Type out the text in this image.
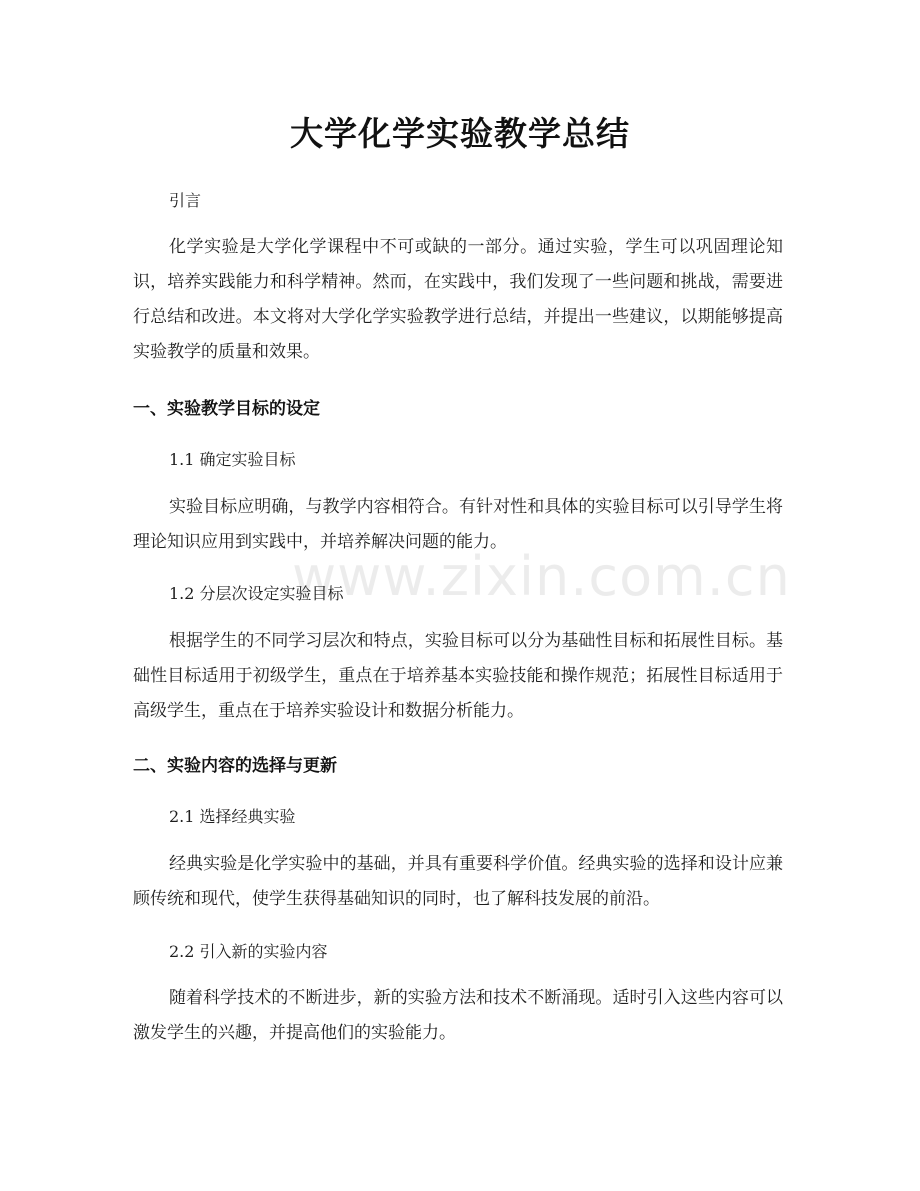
大学化学实验教学总结

引言

化学实验是大学化学课程中不可或缺的一部分。通过实验，学生可以巩固理论知识，培养实践能力和科学精神。然而，在实践中，我们发现了一些问题和挑战，需要进行总结和改进。本文将对大学化学实验教学进行总结，并提出一些建议，以期能够提高实验教学的质量和效果。

一、实验教学目标的设定

1.1 确定实验目标

实验目标应明确，与教学内容相符合。有针对性和具体的实验目标可以引导学生将理论知识应用到实践中，并培养解决问题的能力。

1.2 分层次设定实验目标

根据学生的不同学习层次和特点，实验目标可以分为基础性目标和拓展性目标。基础性目标适用于初级学生，重点在于培养基本实验技能和操作规范；拓展性目标适用于高级学生，重点在于培养实验设计和数据分析能力。

二、实验内容的选择与更新

2.1 选择经典实验

经典实验是化学实验中的基础，并具有重要科学价值。经典实验的选择和设计应兼顾传统和现代，使学生获得基础知识的同时，也了解科技发展的前沿。

2.2 引入新的实验内容

随着科学技术的不断进步，新的实验方法和技术不断涌现。适时引入这些内容可以激发学生的兴趣，并提高他们的实验能力。

www.zixin.com.cn
